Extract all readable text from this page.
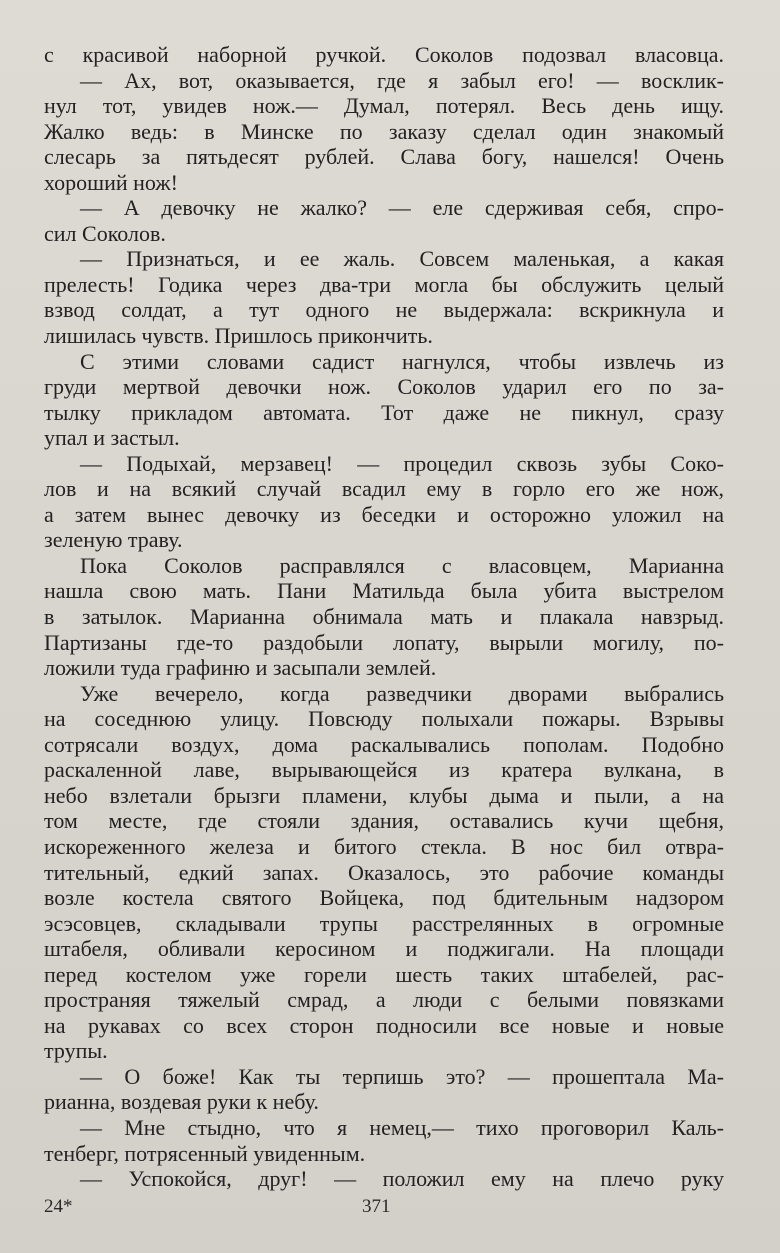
с красивой наборной ручкой. Соколов подозвал власовца.
— Ах, вот, оказывается, где я забыл его! — восклик-
нул тот, увидев нож.— Думал, потерял. Весь день ищу.
Жалко ведь: в Минске по заказу сделал один знакомый
слесарь за пятьдесят рублей. Слава богу, нашелся! Очень
хороший нож!
— А девочку не жалко? — еле сдерживая себя, спро-
сил Соколов.
— Признаться, и ее жаль. Совсем маленькая, а какая
прелесть! Годика через два-три могла бы обслужить целый
взвод солдат, а тут одного не выдержала: вскрикнула и
лишилась чувств. Пришлось прикончить.
С этими словами садист нагнулся, чтобы извлечь из
груди мертвой девочки нож. Соколов ударил его по за-
тылку прикладом автомата. Тот даже не пикнул, сразу
упал и застыл.
— Подыхай, мерзавец! — процедил сквозь зубы Соко-
лов и на всякий случай всадил ему в горло его же нож,
а затем вынес девочку из беседки и осторожно уложил на
зеленую траву.
Пока Соколов расправлялся с власовцем, Марианна
нашла свою мать. Пани Матильда была убита выстрелом
в затылок. Марианна обнимала мать и плакала навзрыд.
Партизаны где-то раздобыли лопату, вырыли могилу, по-
ложили туда графиню и засыпали землей.
Уже вечерело, когда разведчики дворами выбрались
на соседнюю улицу. Повсюду полыхали пожары. Взрывы
сотрясали воздух, дома раскалывались пополам. Подобно
раскаленной лаве, вырывающейся из кратера вулкана, в
небо взлетали брызги пламени, клубы дыма и пыли, а на
том месте, где стояли здания, оставались кучи щебня,
искореженного железа и битого стекла. В нос бил отвра-
тительный, едкий запах. Оказалось, это рабочие команды
возле костела святого Войцека, под бдительным надзором
эсэсовцев, складывали трупы расстрелянных в огромные
штабеля, обливали керосином и поджигали. На площади
перед костелом уже горели шесть таких штабелей, рас-
пространяя тяжелый смрад, а люди с белыми повязками
на рукавах со всех сторон подносили все новые и новые
трупы.
— О боже! Как ты терпишь это? — прошептала Ма-
рианна, воздевая руки к небу.
— Мне стыдно, что я немец,— тихо проговорил Каль-
тенберг, потрясенный увиденным.
— Успокойся, друг! — положил ему на плечо руку
24*	371
